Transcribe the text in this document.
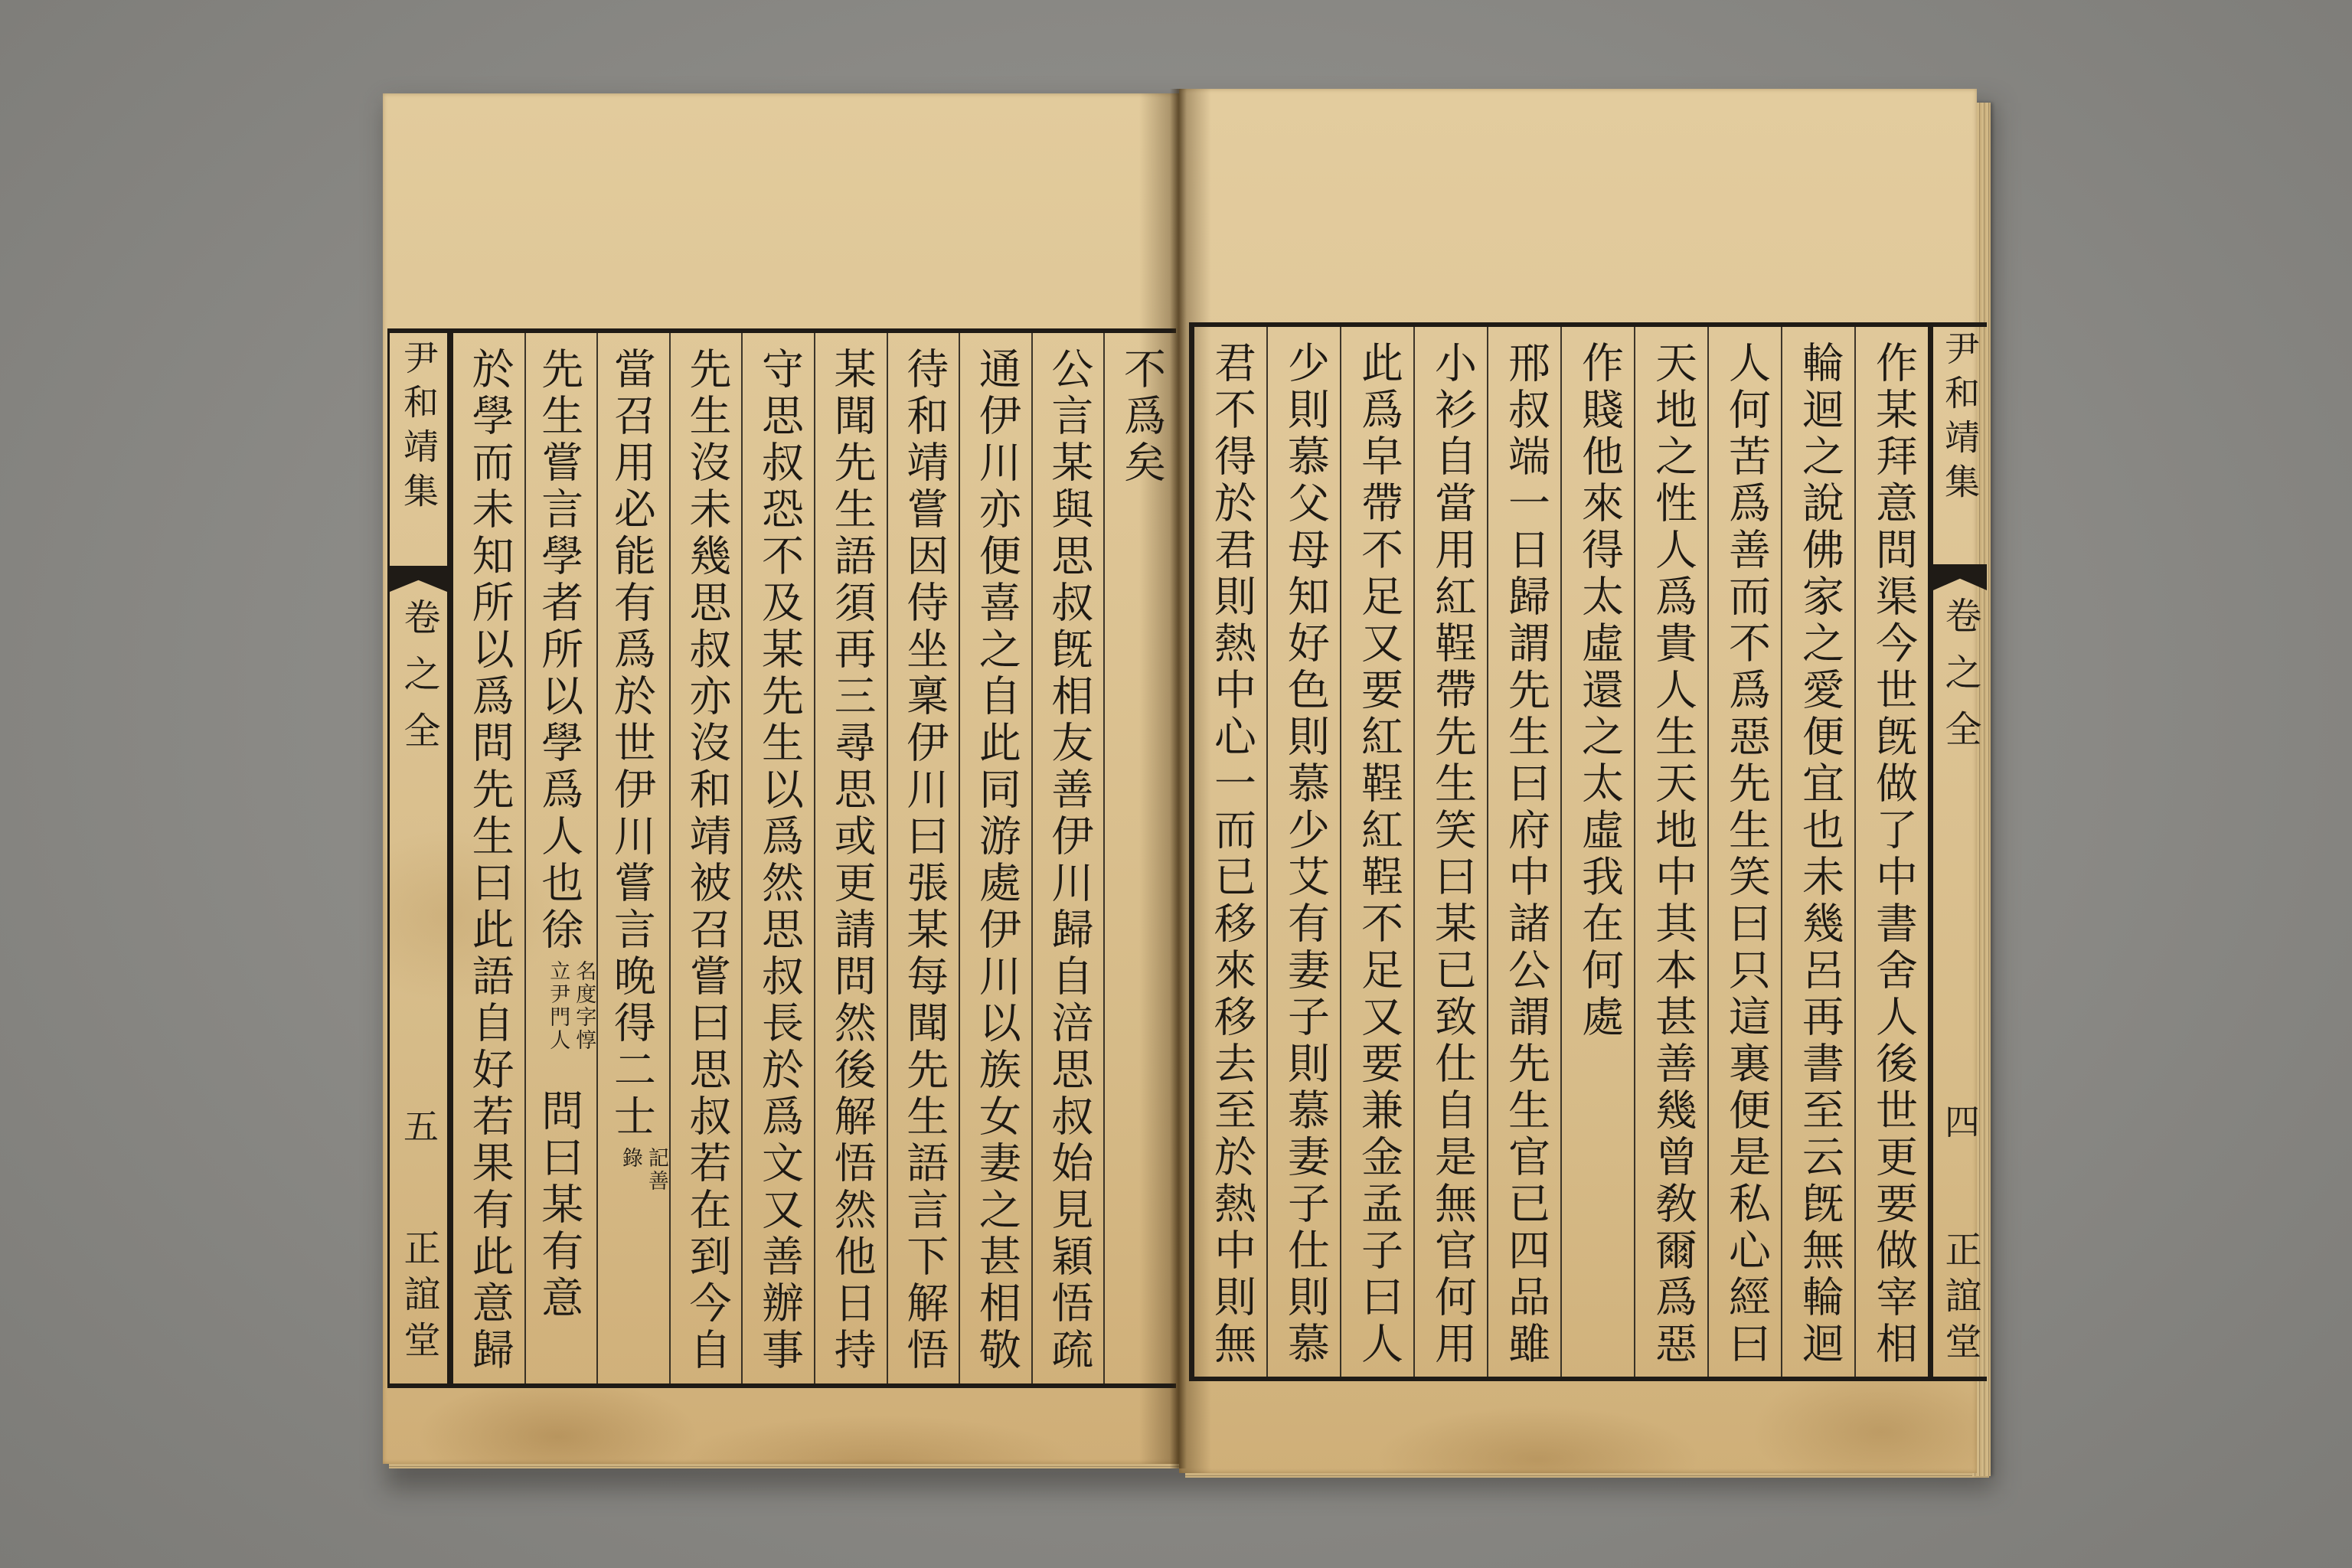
尹和靖集
卷之全
五
正誼堂
不爲矣
公言某與思叔旣相友善伊川歸自涪思叔始見穎悟疏
通伊川亦便喜之自此同游處伊川以族女妻之甚相敬
待和靖嘗因侍坐稟伊川曰張某每聞先生語言下解悟
某聞先生語須再三尋思或更請問然後解悟然他日持
守思叔恐不及某先生以爲然思叔長於爲文又善辦事
先生沒未幾思叔亦沒和靖被召嘗曰思叔若在到今自
當召用必能有爲於世伊川嘗言晚得二士記善錄
先生嘗言學者所以學爲人也徐名度字惇立尹門人問曰某有意
於學而未知所以爲問先生曰此語自好若果有此意歸	作某拜意問渠今世旣做了中書舍人後世更要做宰相
輪迴之說佛家之愛便宜也未幾呂再書至云旣無輪迴
人何苦爲善而不爲惡先生笑曰只這裏便是私心經曰
天地之性人爲貴人生天地中其本甚善幾曾敎爾爲惡
作賤他來得太虛還之太虛我在何處
邢叔端一日歸謂先生曰府中諸公謂先生官已四品雖
小衫自當用紅鞓帶先生笑曰某已致仕自是無官何用
此爲皁帶不足又要紅鞓紅鞓不足又要兼金孟子曰人
少則慕父母知好色則慕少艾有妻子則慕妻子仕則慕
君不得於君則熱中心一而已移來移去至於熱中則無	尹和靖集
卷之全
四
正誼堂
